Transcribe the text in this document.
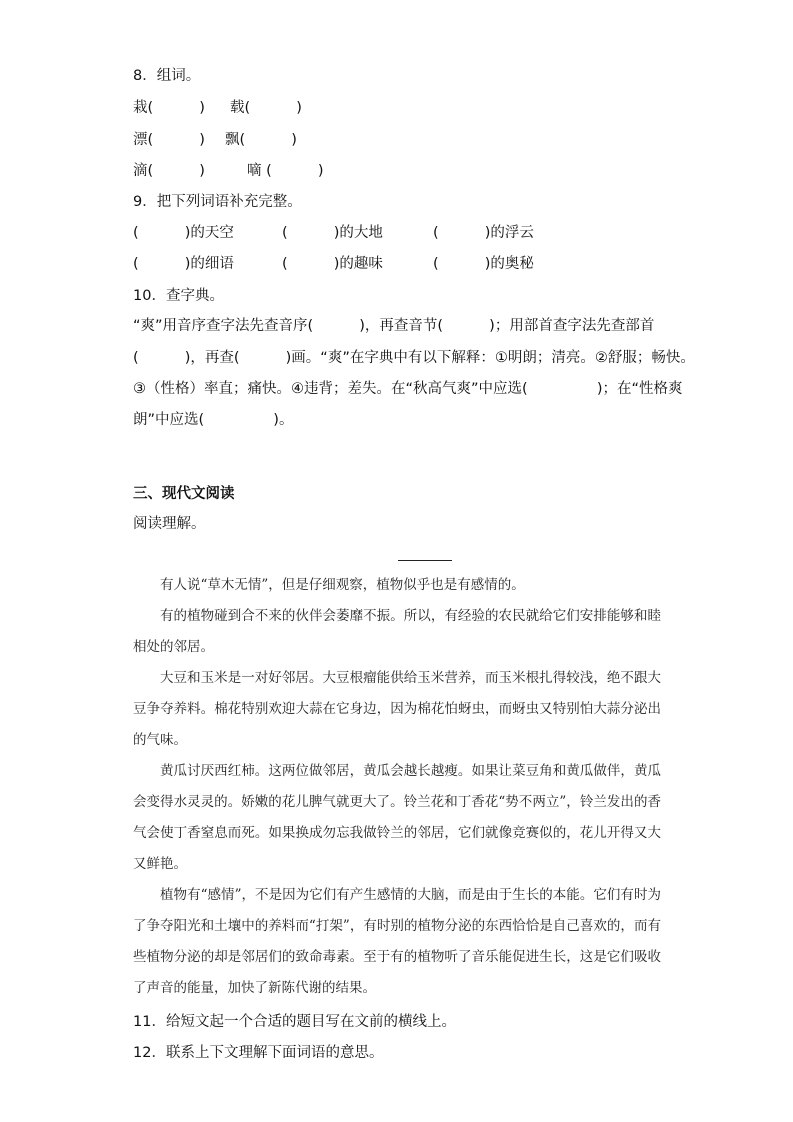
8．组词。
栽(          ) 载(          )
漂(          ) 飘(          )
滴(          )	嘀 (          )
9．把下列词语补充完整。
(          )的天空	(          )的大地	(          )的浮云
(          )的细语	(          )的趣味	(          )的奥秘
10．查字典。
“爽”用音序查字法先查音序(          )，再查音节(          )；用部首查字法先查部首
(          )，再查(          )画。“爽”在字典中有以下解释：①明朗；清亮。②舒服；畅快。
③（性格）率直；痛快。④违背；差失。在“秋高气爽”中应选(               )；在“性格爽
朗”中应选(               )。
三、现代文阅读
阅读理解。

有人说“草木无情”，但是仔细观察，植物似乎也是有感情的。

有的植物碰到合不来的伙伴会萎靡不振。所以，有经验的农民就给它们安排能够和睦相处的邻居。

大豆和玉米是一对好邻居。大豆根瘤能供给玉米营养，而玉米根扎得较浅，绝不跟大豆争夺养料。棉花特别欢迎大蒜在它身边，因为棉花怕蚜虫，而蚜虫又特别怕大蒜分泌出的气味。

黄瓜讨厌西红柿。这两位做邻居，黄瓜会越长越瘦。如果让菜豆角和黄瓜做伴，黄瓜会变得水灵灵的。娇嫩的花儿脾气就更大了。铃兰花和丁香花“势不两立”，铃兰发出的香气会使丁香窒息而死。如果换成勿忘我做铃兰的邻居，它们就像竞赛似的，花儿开得又大又鲜艳。

植物有“感情”，不是因为它们有产生感情的大脑，而是由于生长的本能。它们有时为了争夺阳光和土壤中的养料而“打架”，有时别的植物分泌的东西恰恰是自己喜欢的，而有些植物分泌的却是邻居们的致命毒素。至于有的植物听了音乐能促进生长，这是它们吸收了声音的能量，加快了新陈代谢的结果。

11．给短文起一个合适的题目写在文前的横线上。
12．联系上下文理解下面词语的意思。
